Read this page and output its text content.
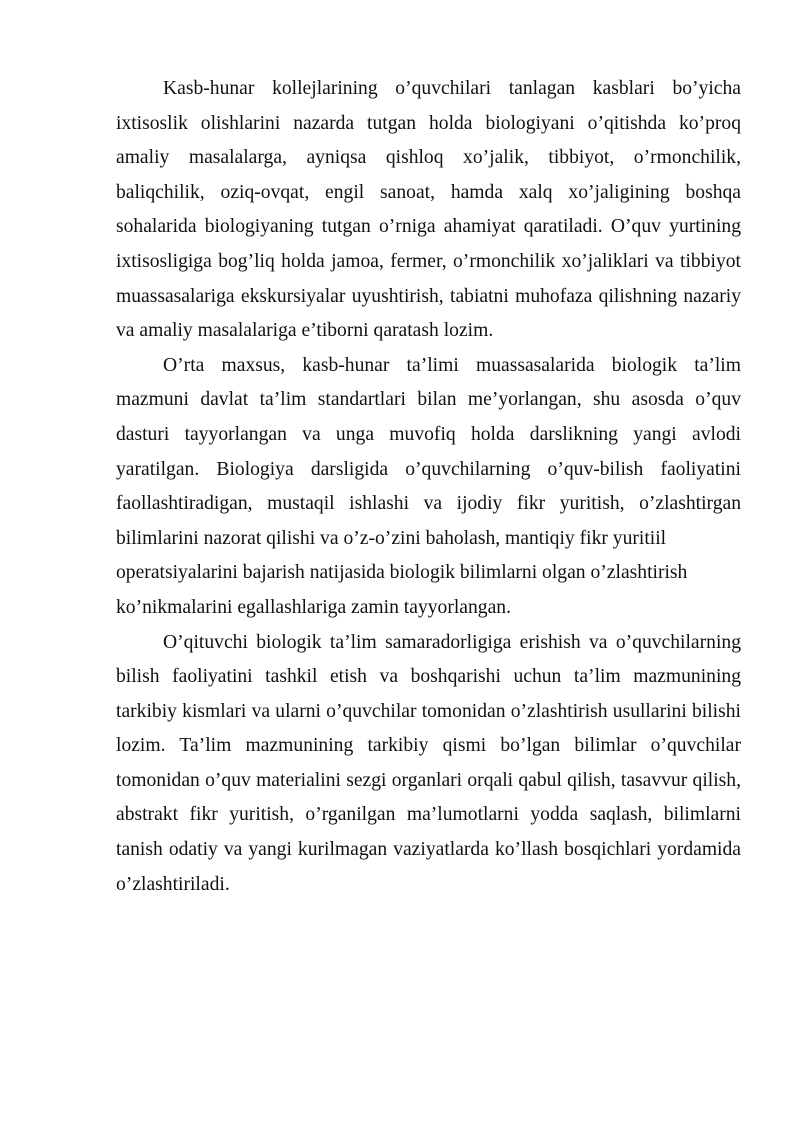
Kasb-hunar kollejlarining o’quvchilari tanlagan kasblari bo’yicha ixtisoslik olishlarini nazarda tutgan holda biologiyani o’qitishda ko’proq amaliy masalalarga, ayniqsa qishloq xo’jalik, tibbiyot, o’rmonchilik, baliqchilik, oziq-ovqat, engil sanoat, hamda xalq xo’jaligining boshqa sohalarida biologiyaning tutgan o’rniga ahamiyat qaratiladi. O’quv yurtining ixtisosligiga bog’liq holda jamoa, fermer, o’rmonchilik xo’jaliklari va tibbiyot muassasalariga ekskursiyalar uyushtirish, tabiatni muhofaza qilishning nazariy va amaliy masalalariga e’tiborni qaratash lozim.

O’rta maxsus, kasb-hunar ta’limi muassasalarida biologik ta’lim mazmuni davlat ta’lim standartlari bilan me’yorlangan, shu asosda o’quv dasturi tayyorlangan va unga muvofiq holda darslikning yangi avlodi yaratilgan. Biologiya darsligida o’quvchilarning o’quv-bilish faoliyatini faollashtiradigan, mustaqil ishlashi va ijodiy fikr yuritish, o’zlashtirgan bilimlarini nazorat qilishi va o’z-o’zini baholash, mantiqiy fikr yuritiil

operatsiyalarini bajarish natijasida biologik bilimlarni olgan o’zlashtirish ko’nikmalarini egallashlariga zamin tayyorlangan.

O’qituvchi biologik ta’lim samaradorligiga erishish va o’quvchilarning bilish faoliyatini tashkil etish va boshqarishi uchun ta’lim mazmunining tarkibiy kismlari va ularni o’quvchilar tomonidan o’zlashtirish usullarini bilishi lozim. Ta’lim mazmunining tarkibiy qismi bo’lgan bilimlar o’quvchilar tomonidan o’quv materialini sezgi organlari orqali qabul qilish, tasavvur qilish, abstrakt fikr yuritish, o’rganilgan ma’lumotlarni yodda saqlash, bilimlarni tanish odatiy va yangi kurilmagan vaziyatlarda ko’llash bosqichlari yordamida o’zlashtiriladi.
